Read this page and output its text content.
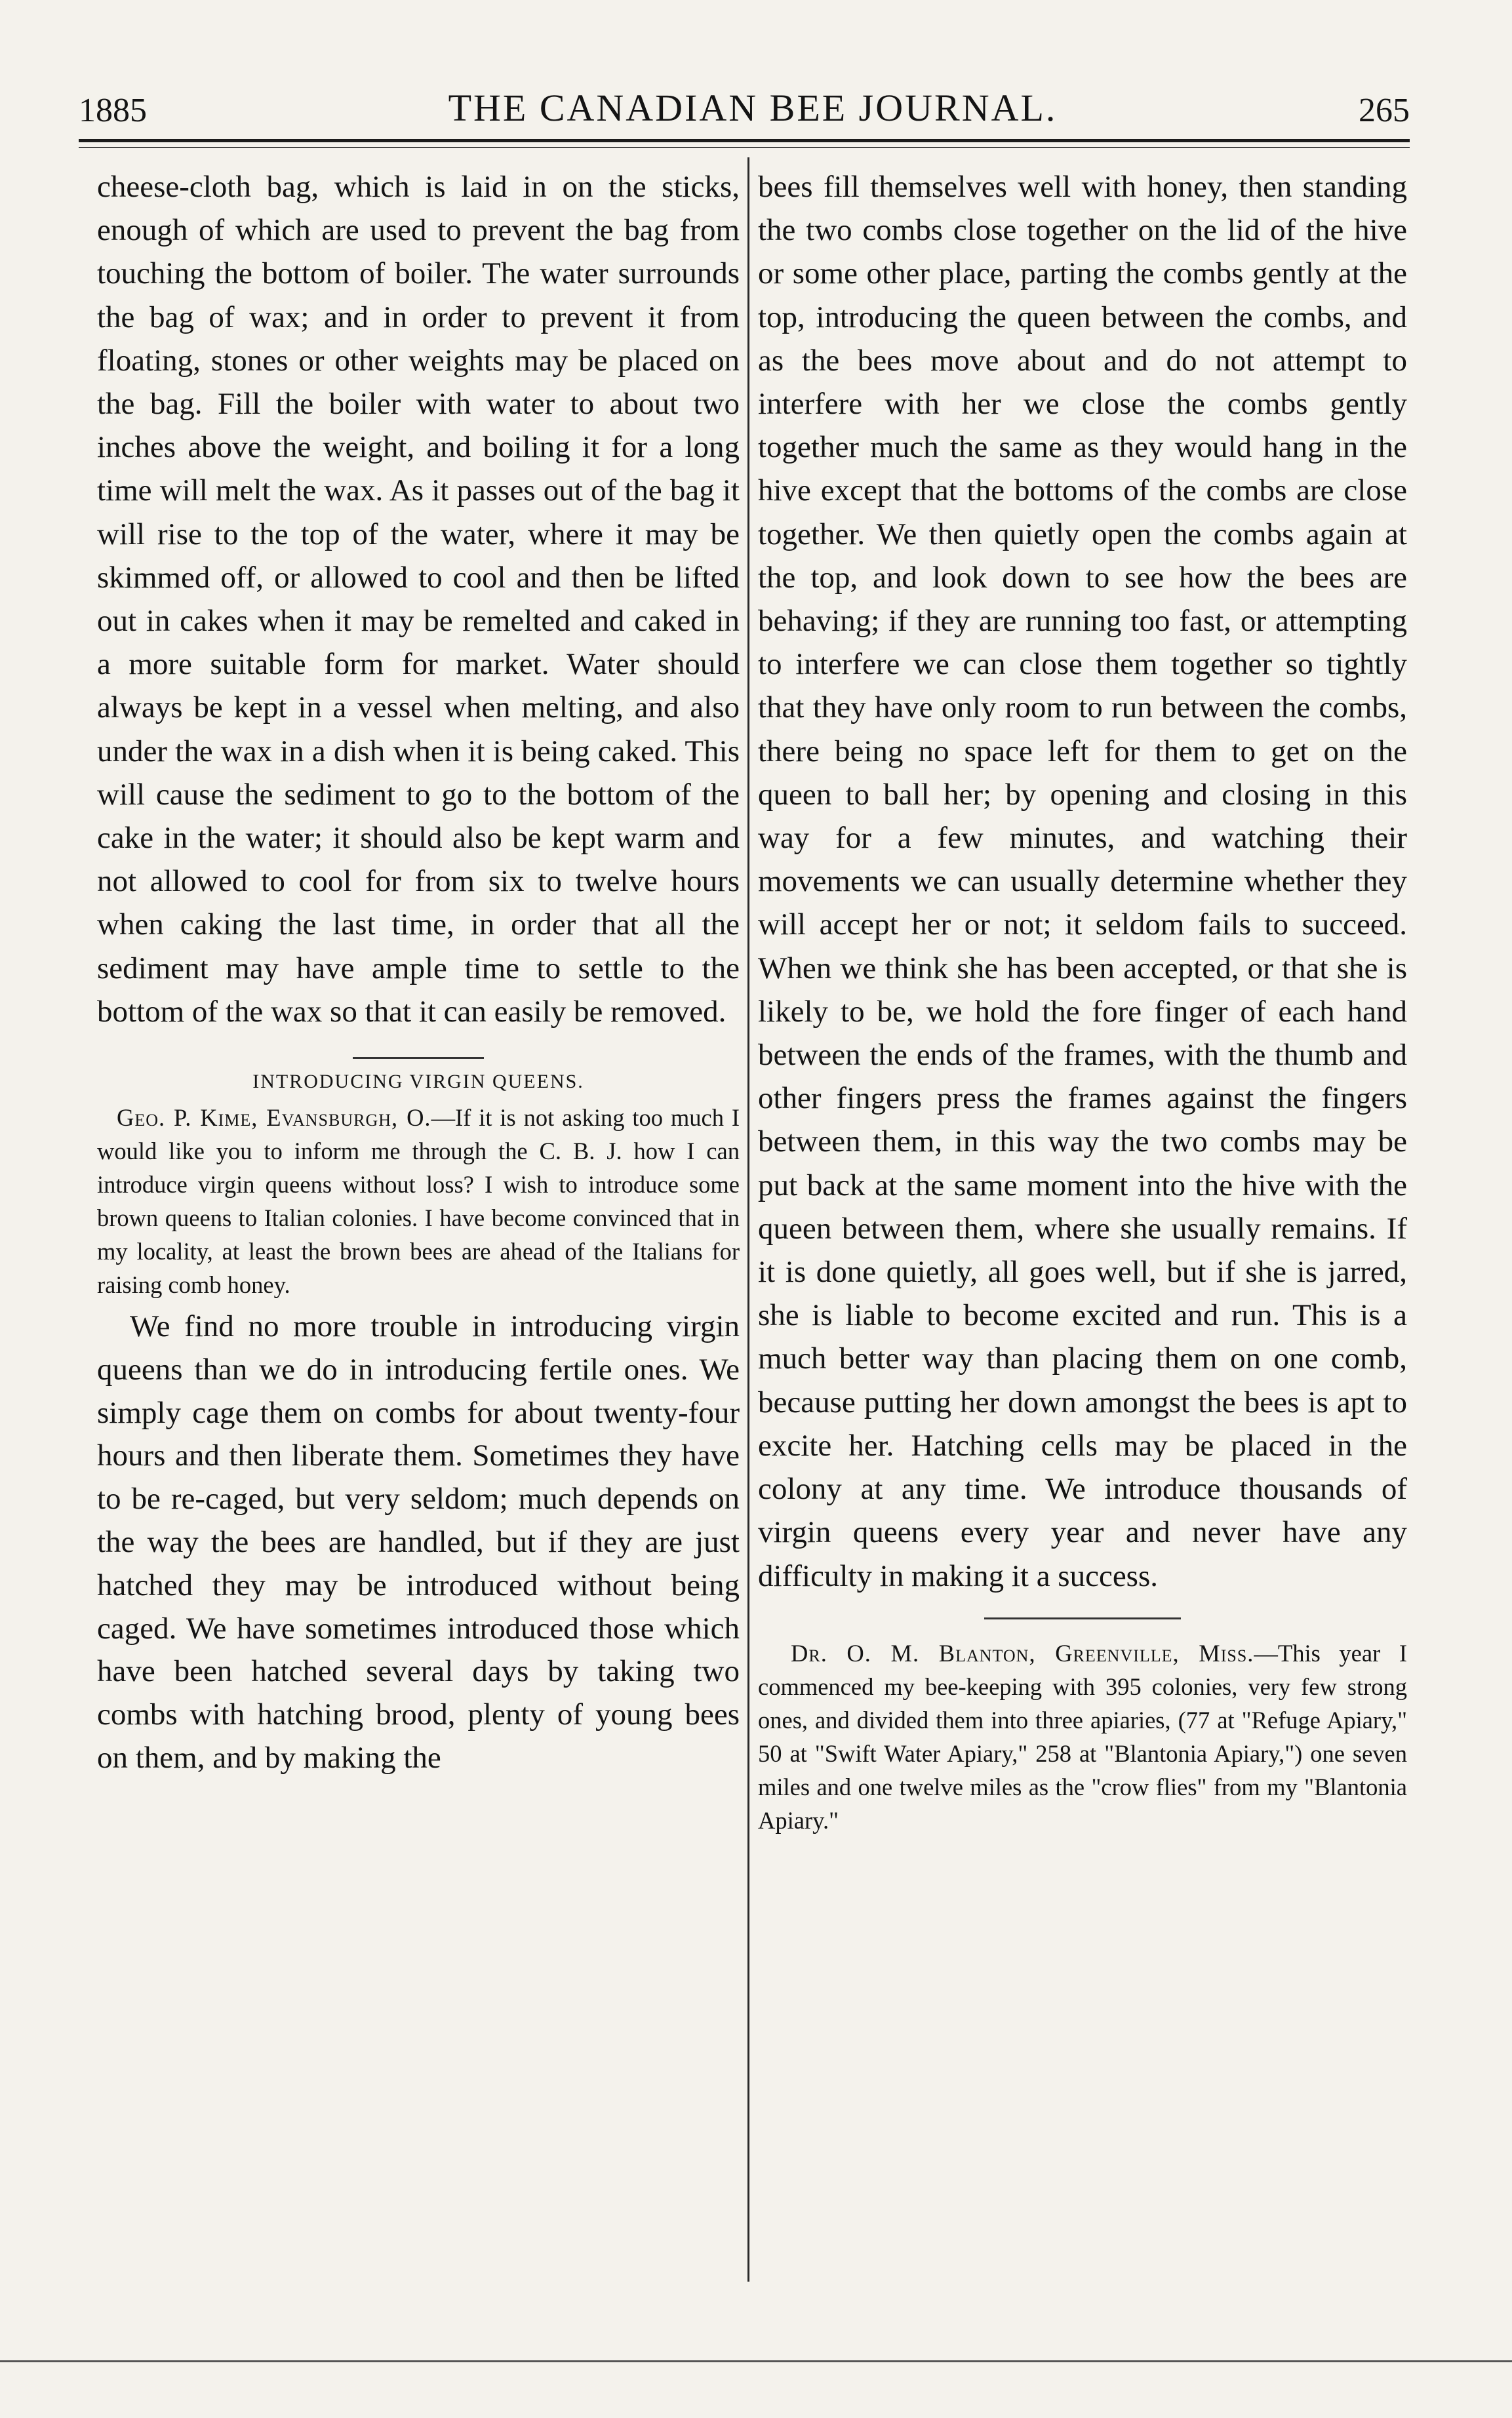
1885	THE CANADIAN BEE JOURNAL.	265

cheese-cloth bag, which is laid in on the sticks, enough of which are used to prevent the bag from touching the bottom of boiler. The water surrounds the bag of wax; and in order to prevent it from floating, stones or other weights may be placed on the bag. Fill the boiler with water to about two inches above the weight, and boiling it for a long time will melt the wax. As it passes out of the bag it will rise to the top of the water, where it may be skimmed off, or allowed to cool and then be lifted out in cakes when it may be remelted and caked in a more suitable form for market. Water should always be kept in a vessel when melting, and also under the wax in a dish when it is being caked. This will cause the sediment to go to the bottom of the cake in the water; it should also be kept warm and not allowed to cool for from six to twelve hours when caking the last time, in order that all the sediment may have ample time to settle to the bottom of the wax so that it can easily be removed.

INTRODUCING VIRGIN QUEENS.

Geo. P. Kime, Evansburgh, O.—If it is not asking too much I would like you to inform me through the C. B. J. how I can introduce virgin queens without loss? I wish to introduce some brown queens to Italian colonies. I have become convinced that in my locality, at least the brown bees are ahead of the Italians for raising comb honey.

We find no more trouble in introducing virgin queens than we do in introducing fertile ones. We simply cage them on combs for about twenty-four hours and then liberate them. Sometimes they have to be re-caged, but very seldom; much depends on the way the bees are handled, but if they are just hatched they may be introduced without being caged. We have sometimes introduced those which have been hatched several days by taking two combs with hatching brood, plenty of young bees on them, and by making the

bees fill themselves well with honey, then standing the two combs close together on the lid of the hive or some other place, parting the combs gently at the top, introducing the queen between the combs, and as the bees move about and do not attempt to interfere with her we close the combs gently together much the same as they would hang in the hive except that the bottoms of the combs are close together. We then quietly open the combs again at the top, and look down to see how the bees are behaving; if they are running too fast, or attempting to interfere we can close them together so tightly that they have only room to run between the combs, there being no space left for them to get on the queen to ball her; by opening and closing in this way for a few minutes, and watching their movements we can usually determine whether they will accept her or not; it seldom fails to succeed. When we think she has been accepted, or that she is likely to be, we hold the fore finger of each hand between the ends of the frames, with the thumb and other fingers press the frames against the fingers between them, in this way the two combs may be put back at the same moment into the hive with the queen between them, where she usually remains. If it is done quietly, all goes well, but if she is jarred, she is liable to become excited and run. This is a much better way than placing them on one comb, because putting her down amongst the bees is apt to excite her. Hatching cells may be placed in the colony at any time. We introduce thousands of virgin queens every year and never have any difficulty in making it a success.

Dr. O. M. Blanton, Greenville, Miss.—This year I commenced my bee-keeping with 395 colonies, very few strong ones, and divided them into three apiaries, (77 at "Refuge Apiary," 50 at "Swift Water Apiary," 258 at "Blantonia Apiary,") one seven miles and one twelve miles as the "crow flies" from my "Blantonia Apiary."
